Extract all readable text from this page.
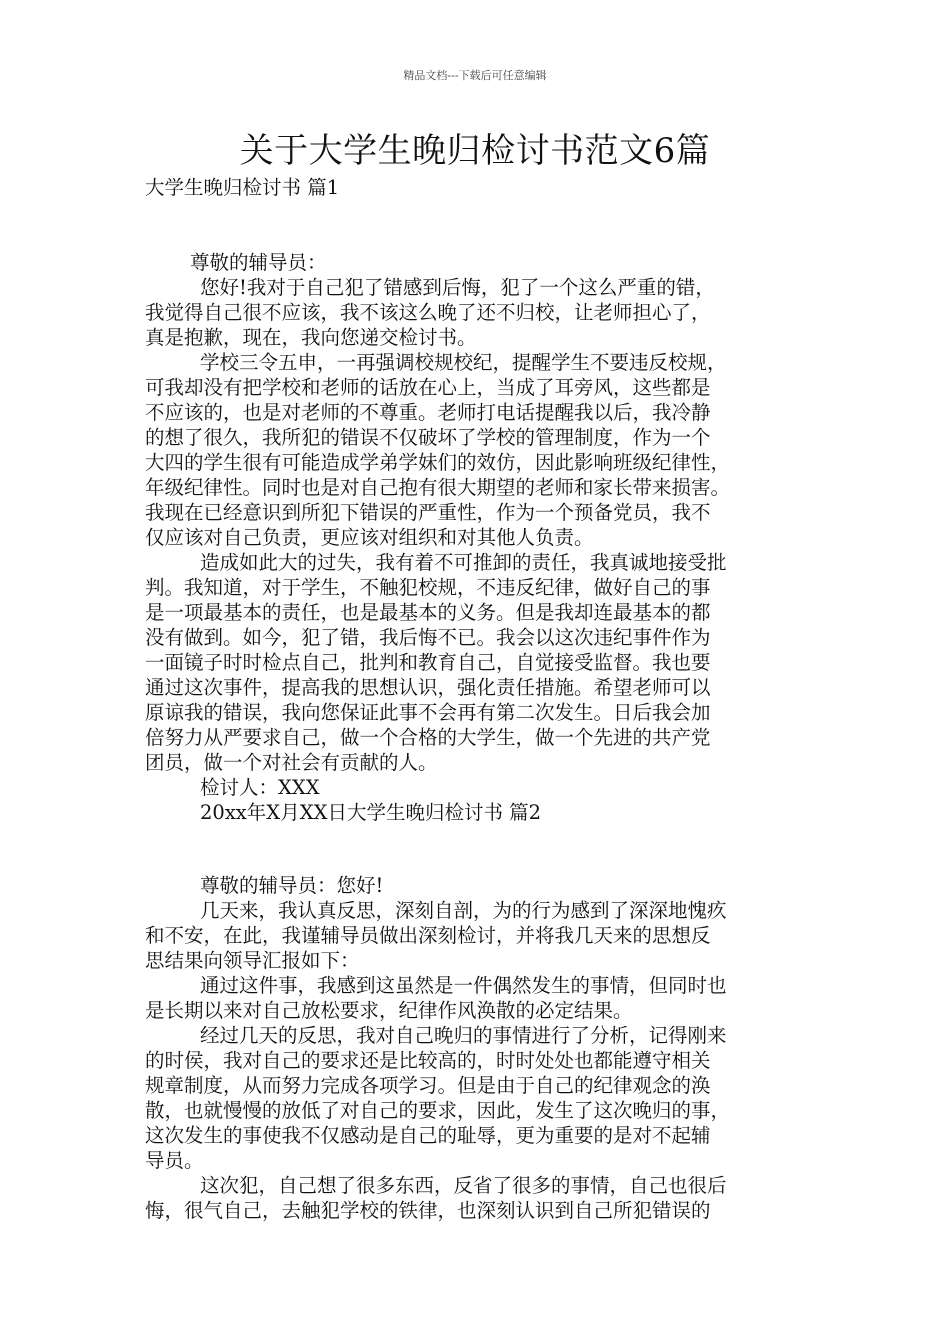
精品文档---下载后可任意编辑
关于大学生晚归检讨书范文6篇
大学生晚归检讨书 篇1
尊敬的辅导员：
您好!我对于自己犯了错感到后悔，犯了一个这么严重的错，
我觉得自己很不应该，我不该这么晚了还不归校，让老师担心了，
真是抱歉，现在，我向您递交检讨书。
学校三令五申，一再强调校规校纪，提醒学生不要违反校规，
可我却没有把学校和老师的话放在心上，当成了耳旁风，这些都是
不应该的，也是对老师的不尊重。老师打电话提醒我以后，我冷静
的想了很久，我所犯的错误不仅破坏了学校的管理制度，作为一个
大四的学生很有可能造成学弟学妹们的效仿，因此影响班级纪律性，
年级纪律性。同时也是对自己抱有很大期望的老师和家长带来损害。
我现在已经意识到所犯下错误的严重性，作为一个预备党员，我不
仅应该对自己负责，更应该对组织和对其他人负责。
造成如此大的过失，我有着不可推卸的责任，我真诚地接受批
判。我知道，对于学生，不触犯校规，不违反纪律，做好自己的事
是一项最基本的责任，也是最基本的义务。但是我却连最基本的都
没有做到。如今，犯了错，我后悔不已。我会以这次违纪事件作为
一面镜子时时检点自己，批判和教育自己，自觉接受监督。我也要
通过这次事件，提高我的思想认识，强化责任措施。希望老师可以
原谅我的错误，我向您保证此事不会再有第二次发生。日后我会加
倍努力从严要求自己，做一个合格的大学生，做一个先进的共产党
团员，做一个对社会有贡献的人。
检讨人：XXX
20xx年X月XX日大学生晚归检讨书 篇2
尊敬的辅导员：您好!
几天来，我认真反思，深刻自剖，为的行为感到了深深地愧疚
和不安，在此，我谨辅导员做出深刻检讨，并将我几天来的思想反
思结果向领导汇报如下：
通过这件事，我感到这虽然是一件偶然发生的事情，但同时也
是长期以来对自己放松要求，纪律作风涣散的必定结果。
经过几天的反思，我对自己晚归的事情进行了分析，记得刚来
的时侯，我对自己的要求还是比较高的，时时处处也都能遵守相关
规章制度，从而努力完成各项学习。但是由于自己的纪律观念的涣
散，也就慢慢的放低了对自己的要求，因此，发生了这次晚归的事，
这次发生的事使我不仅感动是自己的耻辱，更为重要的是对不起辅
导员。
这次犯，自己想了很多东西，反省了很多的事情，自己也很后
悔，很气自己，去触犯学校的铁律，也深刻认识到自己所犯错误的
